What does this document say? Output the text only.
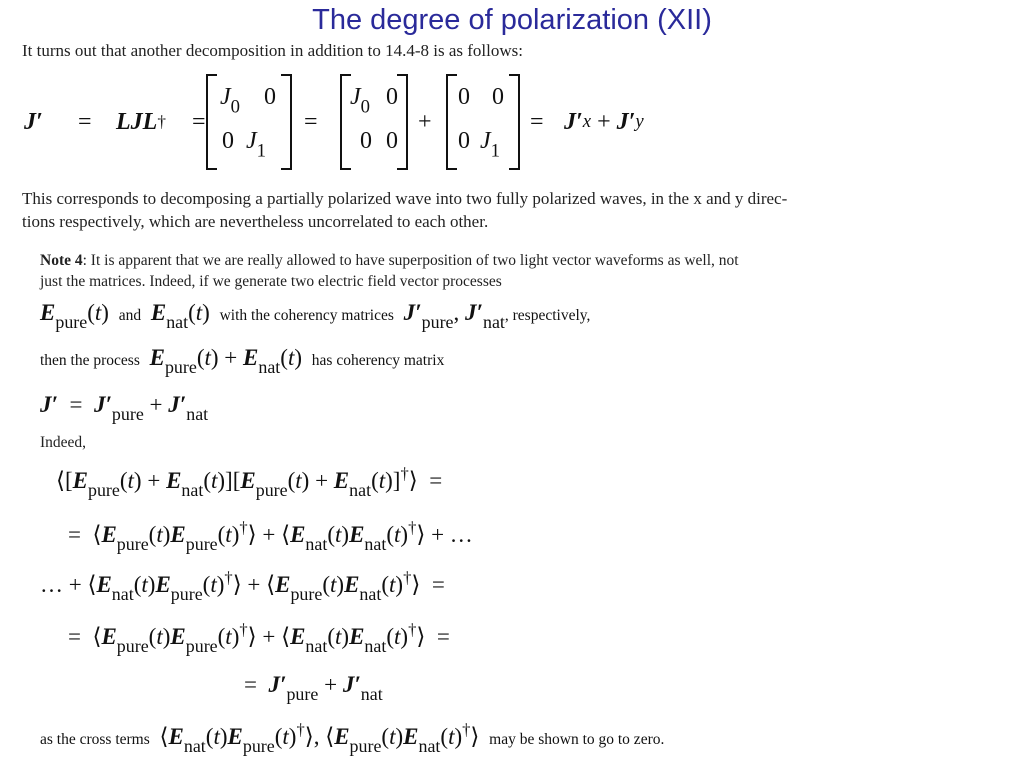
The degree of polarization (XII)
It turns out that another decomposition in addition to 14.4-8 is as follows:
J′ = LJL † =
$J_0$ 0
0 $J_1$
=
$J_0$ 0
0 0
+
0 0
0 $J_1$
= J′ x + J′ y
This corresponds to decomposing a partially polarized wave into two fully polarized waves, in the x and y direc-
tions respectively, which are nevertheless uncorrelated to each other.
Note 4: It is apparent that we are really allowed to have superposition of two light vector waveforms as well, not
just the matrices. Indeed, if we generate two electric field vector processes
$E_{pure}(t)$ and $E_{nat}(t)$ with the coherency matrices $J'_{pure}$, $J'_{nat}$, respectively,
then the process $E_{pure}(t) + E_{nat}(t)$ has coherency matrix
$J' = J'_{pure} + J'_{nat}$
Indeed,
$⟨[E_{pure}(t) + E_{nat}(t)][E_{pure}(t)$ + $E_{nat}(t)]^\dagger⟩$  =
=  $⟨E_{pure}(t)E_{pure}(t)^\dagger⟩$ + $⟨E_{nat}(t)E_{nat}(t)^\dagger⟩$ + …
… + $⟨E_{nat}(t)E_{pure}(t)^\dagger⟩$ + $⟨E_{pure}(t)E_{nat}(t)^\dagger⟩$  =
=  $⟨E_{pure}(t)E_{pure}(t)^\dagger⟩$ + $⟨E_{nat}(t)E_{nat}(t)^\dagger⟩$  =
=  $J'_{pure} + J'_{nat}$
as the cross terms $⟨E_{nat}(t)E_{pure}(t)^\dagger⟩$, $⟨E_{pure}(t)E_{nat}(t)^\dagger⟩$ may be shown to go to zero.
